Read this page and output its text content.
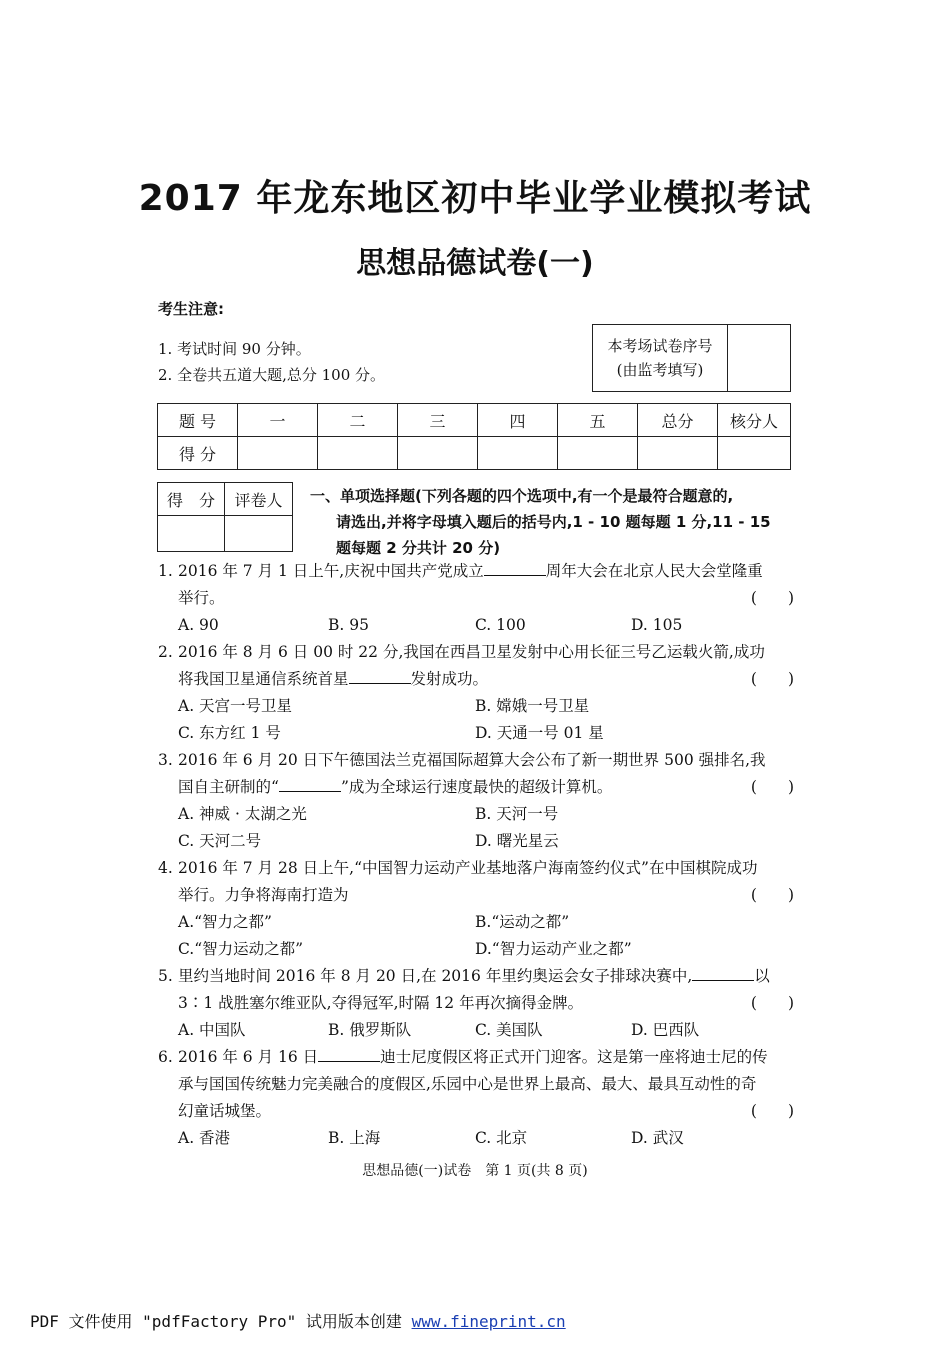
2017 年龙东地区初中毕业学业模拟考试
思想品德试卷(一)
考生注意:
1. 考试时间 90 分钟。
2. 全卷共五道大题,总分 100 分。
本考场试卷序号
(由监考填写)
题 号	一	二	三	四	五	总分	核分人
得 分							
得　分	评卷人
	一、单项选择题(下列各题的四个选项中,有一个是最符合题意的,
请选出,并将字母填入题后的括号内,1 - 10 题每题 1 分,11 - 15
题每题 2 分共计 20 分)
1. 2016 年 7 月 1 日上午,庆祝中国共产党成立	周年大会在北京人民大会堂隆重
举行。	(　　)
A. 90	B. 95	C. 100	D. 105
2. 2016 年 8 月 6 日 00 时 22 分,我国在西昌卫星发射中心用长征三号乙运载火箭,成功
将我国卫星通信系统首星	发射成功。	(　　)
A. 天宫一号卫星	B. 嫦娥一号卫星
C. 东方红 1 号	D. 天通一号 01 星
3. 2016 年 6 月 20 日下午德国法兰克福国际超算大会公布了新一期世界 500 强排名,我
国自主研制的“	”成为全球运行速度最快的超级计算机。	(　　)
A. 神威 · 太湖之光	B. 天河一号
C. 天河二号	D. 曙光星云
4. 2016 年 7 月 28 日上午,“中国智力运动产业基地落户海南签约仪式”在中国棋院成功
举行。力争将海南打造为	(　　)
A.“智力之都”	B.“运动之都”
C.“智力运动之都”	D.“智力运动产业之都”
5. 里约当地时间 2016 年 8 月 20 日,在 2016 年里约奥运会女子排球决赛中,	以
3∶1 战胜塞尔维亚队,夺得冠军,时隔 12 年再次摘得金牌。	(　　)
A. 中国队	B. 俄罗斯队	C. 美国队	D. 巴西队
6. 2016 年 6 月 16 日	迪士尼度假区将正式开门迎客。这是第一座将迪士尼的传
承与国国传统魅力完美融合的度假区,乐园中心是世界上最高、最大、最具互动性的奇
幻童话城堡。	(　　)
A. 香港	B. 上海	C. 北京	D. 武汉
思想品德(一)试卷　第 1 页(共 8 页)
PDF 文件使用 "pdfFactory Pro" 试用版本创建 www.fineprint.cn
